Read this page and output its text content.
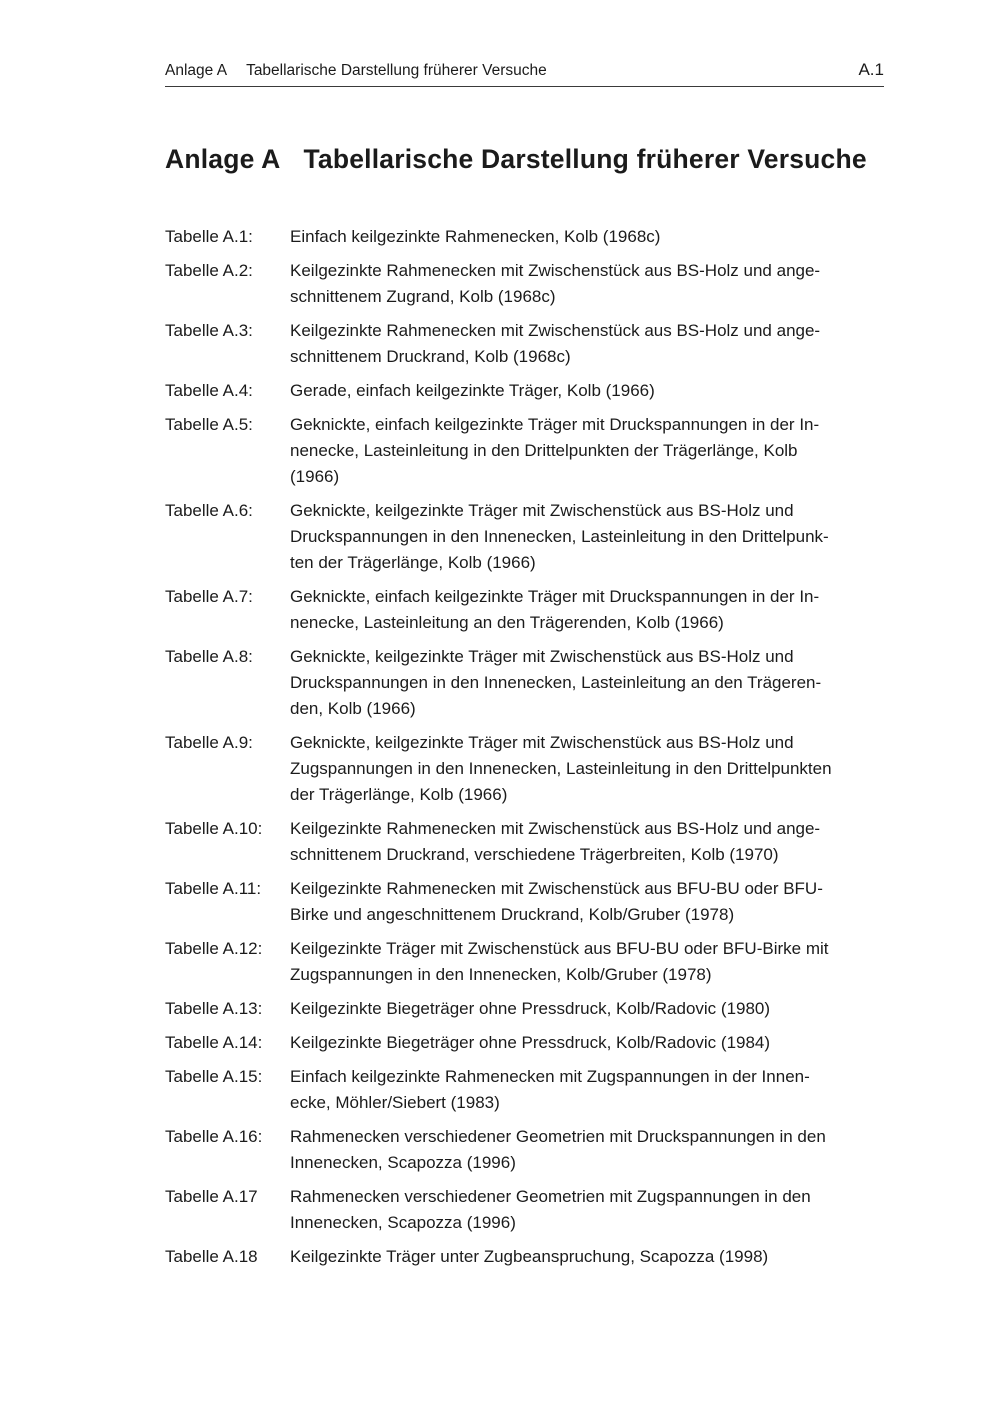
Anlage A Tabellarische Darstellung früherer Versuche	A.1
Anlage A Tabellarische Darstellung früherer Versuche
Tabelle A.1:	Einfach keilgezinkte Rahmenecken, Kolb (1968c)
Tabelle A.2:	Keilgezinkte Rahmenecken mit Zwischenstück aus BS-Holz und ange-
schnittenem Zugrand, Kolb (1968c)
Tabelle A.3:	Keilgezinkte Rahmenecken mit Zwischenstück aus BS-Holz und ange-
schnittenem Druckrand, Kolb (1968c)
Tabelle A.4:	Gerade, einfach keilgezinkte Träger, Kolb (1966)
Tabelle A.5:	Geknickte, einfach keilgezinkte Träger mit Druckspannungen in der In-
nenecke, Lasteinleitung in den Drittelpunkten der Trägerlänge, Kolb
(1966)
Tabelle A.6:	Geknickte, keilgezinkte Träger mit Zwischenstück aus BS-Holz und
Druckspannungen in den Innenecken, Lasteinleitung in den Drittelpunk-
ten der Trägerlänge, Kolb (1966)
Tabelle A.7:	Geknickte, einfach keilgezinkte Träger mit Druckspannungen in der In-
nenecke, Lasteinleitung an den Trägerenden, Kolb (1966)
Tabelle A.8:	Geknickte, keilgezinkte Träger mit Zwischenstück aus BS-Holz und
Druckspannungen in den Innenecken, Lasteinleitung an den Trägeren-
den, Kolb (1966)
Tabelle A.9:	Geknickte, keilgezinkte Träger mit Zwischenstück aus BS-Holz und
Zugspannungen in den Innenecken, Lasteinleitung in den Drittelpunkten
der Trägerlänge, Kolb (1966)
Tabelle A.10:	Keilgezinkte Rahmenecken mit Zwischenstück aus BS-Holz und ange-
schnittenem Druckrand, verschiedene Trägerbreiten, Kolb (1970)
Tabelle A.11:	Keilgezinkte Rahmenecken mit Zwischenstück aus BFU-BU oder BFU-
Birke und angeschnittenem Druckrand, Kolb/Gruber (1978)
Tabelle A.12:	Keilgezinkte Träger mit Zwischenstück aus BFU-BU oder BFU-Birke mit
Zugspannungen in den Innenecken, Kolb/Gruber (1978)
Tabelle A.13:	Keilgezinkte Biegeträger ohne Pressdruck, Kolb/Radovic (1980)
Tabelle A.14:	Keilgezinkte Biegeträger ohne Pressdruck, Kolb/Radovic (1984)
Tabelle A.15:	Einfach keilgezinkte Rahmenecken mit Zugspannungen in der Innen-
ecke, Möhler/Siebert (1983)
Tabelle A.16:	Rahmenecken verschiedener Geometrien mit Druckspannungen in den
Innenecken, Scapozza (1996)
Tabelle A.17	Rahmenecken verschiedener Geometrien mit Zugspannungen in den
Innenecken, Scapozza (1996)
Tabelle A.18	Keilgezinkte Träger unter Zugbeanspruchung, Scapozza (1998)
